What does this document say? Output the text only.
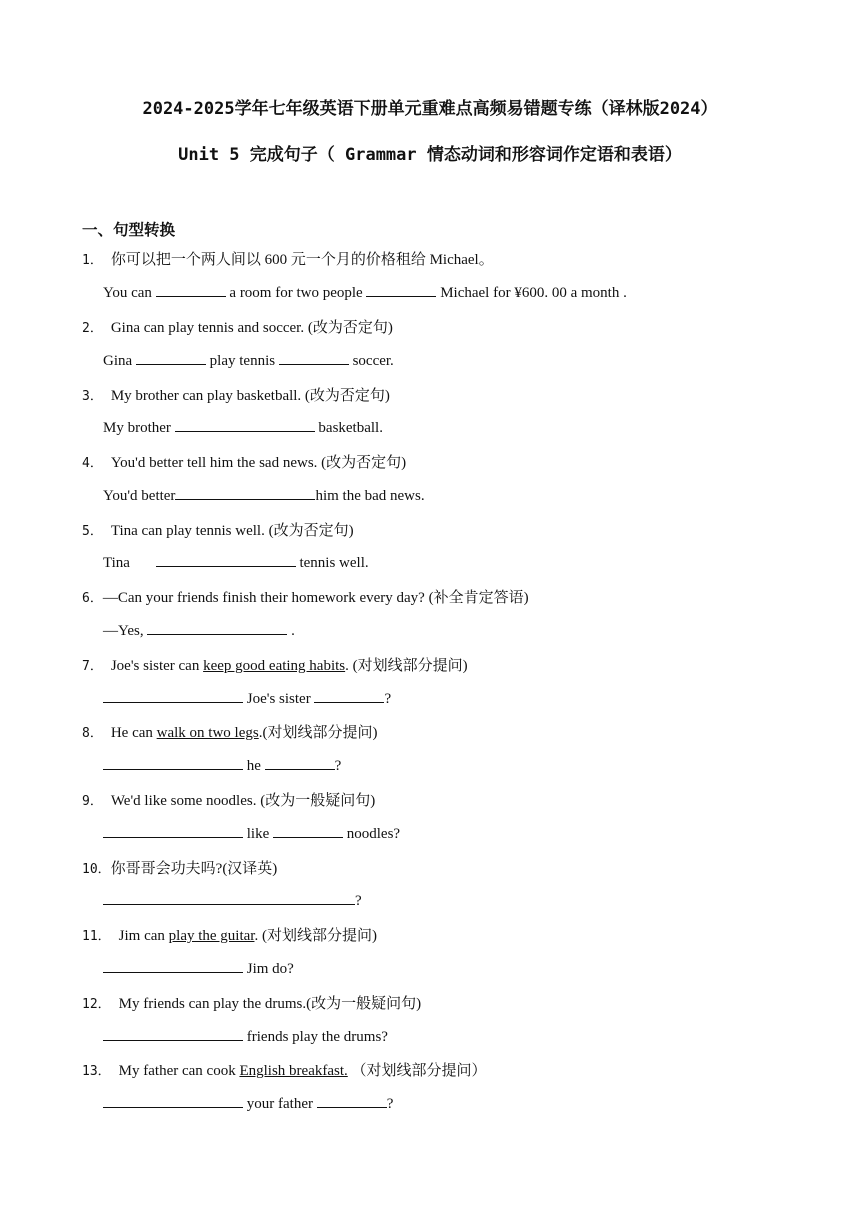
2024-2025学年七年级英语下册单元重难点高频易错题专练（译林版2024）
Unit 5 完成句子（ Grammar 情态动词和形容词作定语和表语）
一、句型转换
1． 你可以把一个两人间以 600 元一个月的价格租给 Michael。
You can	a room for two people	Michael for ¥600. 00 a month .
2． Gina can play tennis and soccer. (改为否定句)
Gina	play tennis	soccer.
3． My brother can play basketball. (改为否定句)
My brother	basketball.
4． You'd better tell him the sad news. (改为否定句)
You'd better	him the bad news.
5． Tina can play tennis well. (改为否定句)
Tina	tennis well.
6．—Can your friends finish their homework every day? (补全肯定答语)
—Yes,	.
7． Joe's sister can keep good eating habits. (对划线部分提问)
Joe's sister	?
8． He can walk on two legs.(对划线部分提问)
he	?
9． We'd like some noodles. (改为一般疑问句)
like	noodles?
10．你哥哥会功夫吗?(汉译英)
?
11． Jim can play the guitar. (对划线部分提问)
Jim do?
12． My friends can play the drums.(改为一般疑问句)
friends play the drums?
13． My father can cook English breakfast. （对划线部分提问）
your father	?
